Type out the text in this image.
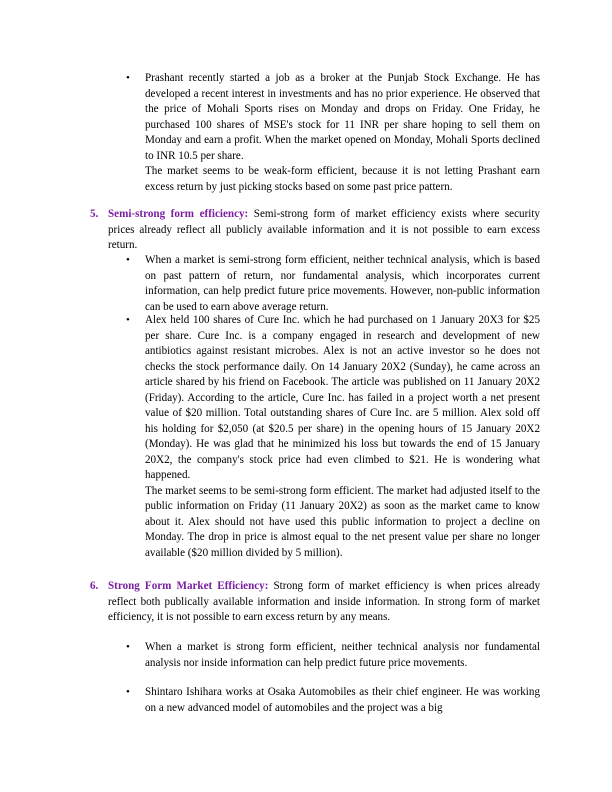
•	Prashant recently started a job as a broker at the Punjab Stock Exchange. He has developed a recent interest in investments and has no prior experience. He observed that the price of Mohali Sports rises on Monday and drops on Friday. One Friday, he purchased 100 shares of MSE's stock for 11 INR per share hoping to sell them on Monday and earn a profit. When the market opened on Monday, Mohali Sports declined to INR 10.5 per share.

The market seems to be weak-form efficient, because it is not letting Prashant earn excess return by just picking stocks based on some past price pattern.

5. Semi-strong form efficiency: Semi-strong form of market efficiency exists where security prices already reflect all publicly available information and it is not possible to earn excess return.

•	When a market is semi-strong form efficient, neither technical analysis, which is based on past pattern of return, nor fundamental analysis, which incorporates current information, can help predict future price movements. However, non-public information can be used to earn above average return.

•	Alex held 100 shares of Cure Inc. which he had purchased on 1 January 20X3 for $25 per share. Cure Inc. is a company engaged in research and development of new antibiotics against resistant microbes. Alex is not an active investor so he does not checks the stock performance daily. On 14 January 20X2 (Sunday), he came across an article shared by his friend on Facebook. The article was published on 11 January 20X2 (Friday). According to the article, Cure Inc. has failed in a project worth a net present value of $20 million. Total outstanding shares of Cure Inc. are 5 million. Alex sold off his holding for $2,050 (at $20.5 per share) in the opening hours of 15 January 20X2 (Monday). He was glad that he minimized his loss but towards the end of 15 January 20X2, the company's stock price had even climbed to $21. He is wondering what happened.

The market seems to be semi-strong form efficient. The market had adjusted itself to the public information on Friday (11 January 20X2) as soon as the market came to know about it. Alex should not have used this public information to project a decline on Monday. The drop in price is almost equal to the net present value per share no longer available ($20 million divided by 5 million).

6. Strong Form Market Efficiency: Strong form of market efficiency is when prices already reflect both publically available information and inside information. In strong form of market efficiency, it is not possible to earn excess return by any means.

•	When a market is strong form efficient, neither technical analysis nor fundamental analysis nor inside information can help predict future price movements.

•	Shintaro Ishihara works at Osaka Automobiles as their chief engineer. He was working on a new advanced model of automobiles and the project was a big
